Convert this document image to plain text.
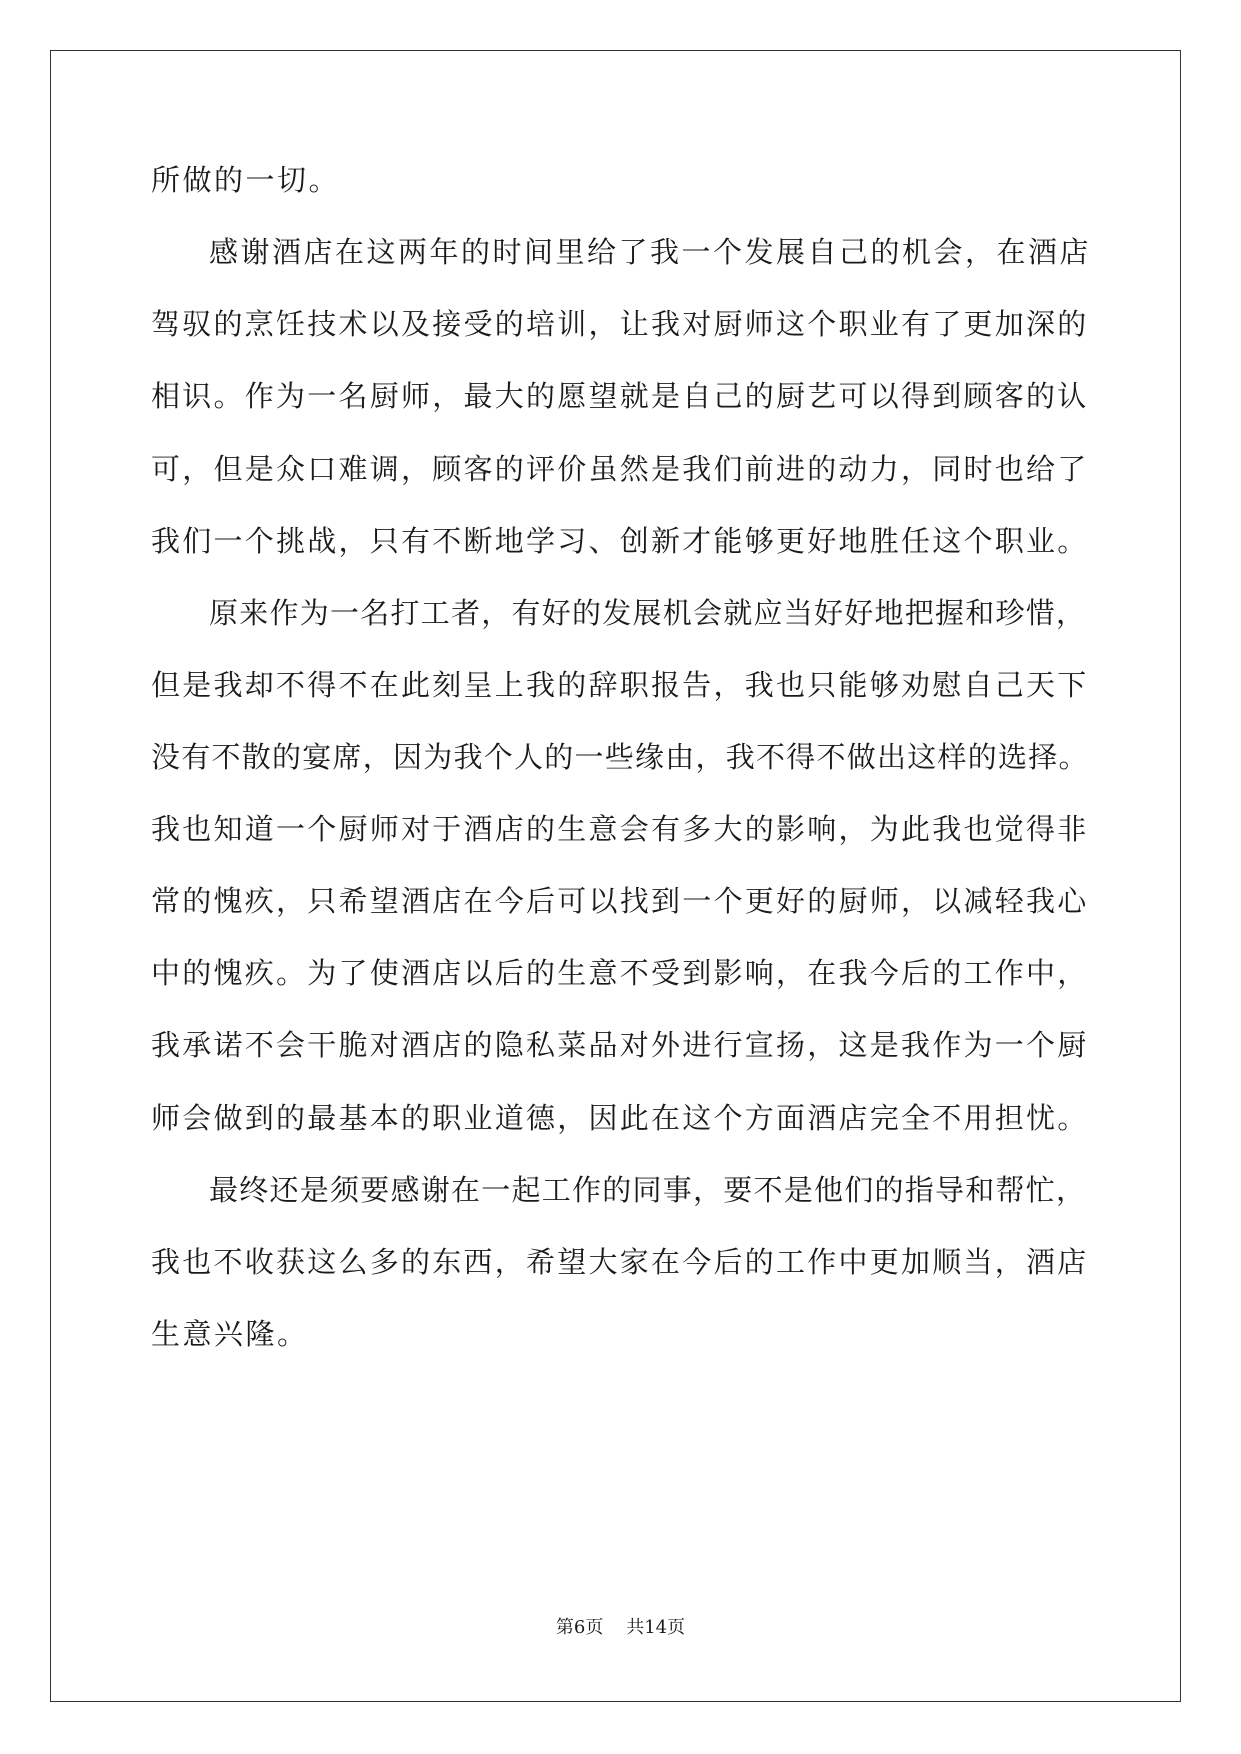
所做的一切。
感谢酒店在这两年的时间里给了我一个发展自己的机会，在酒店
驾驭的烹饪技术以及接受的培训，让我对厨师这个职业有了更加深的
相识。作为一名厨师，最大的愿望就是自己的厨艺可以得到顾客的认
可，但是众口难调，顾客的评价虽然是我们前进的动力，同时也给了
我们一个挑战，只有不断地学习、创新才能够更好地胜任这个职业。
原来作为一名打工者，有好的发展机会就应当好好地把握和珍惜，
但是我却不得不在此刻呈上我的辞职报告，我也只能够劝慰自己天下
没有不散的宴席，因为我个人的一些缘由，我不得不做出这样的选择。
我也知道一个厨师对于酒店的生意会有多大的影响，为此我也觉得非
常的愧疚，只希望酒店在今后可以找到一个更好的厨师，以减轻我心
中的愧疚。为了使酒店以后的生意不受到影响，在我今后的工作中，
我承诺不会干脆对酒店的隐私菜品对外进行宣扬，这是我作为一个厨
师会做到的最基本的职业道德，因此在这个方面酒店完全不用担忧。
最终还是须要感谢在一起工作的同事，要不是他们的指导和帮忙，
我也不收获这么多的东西，希望大家在今后的工作中更加顺当，酒店
生意兴隆。
第6页 共14页
